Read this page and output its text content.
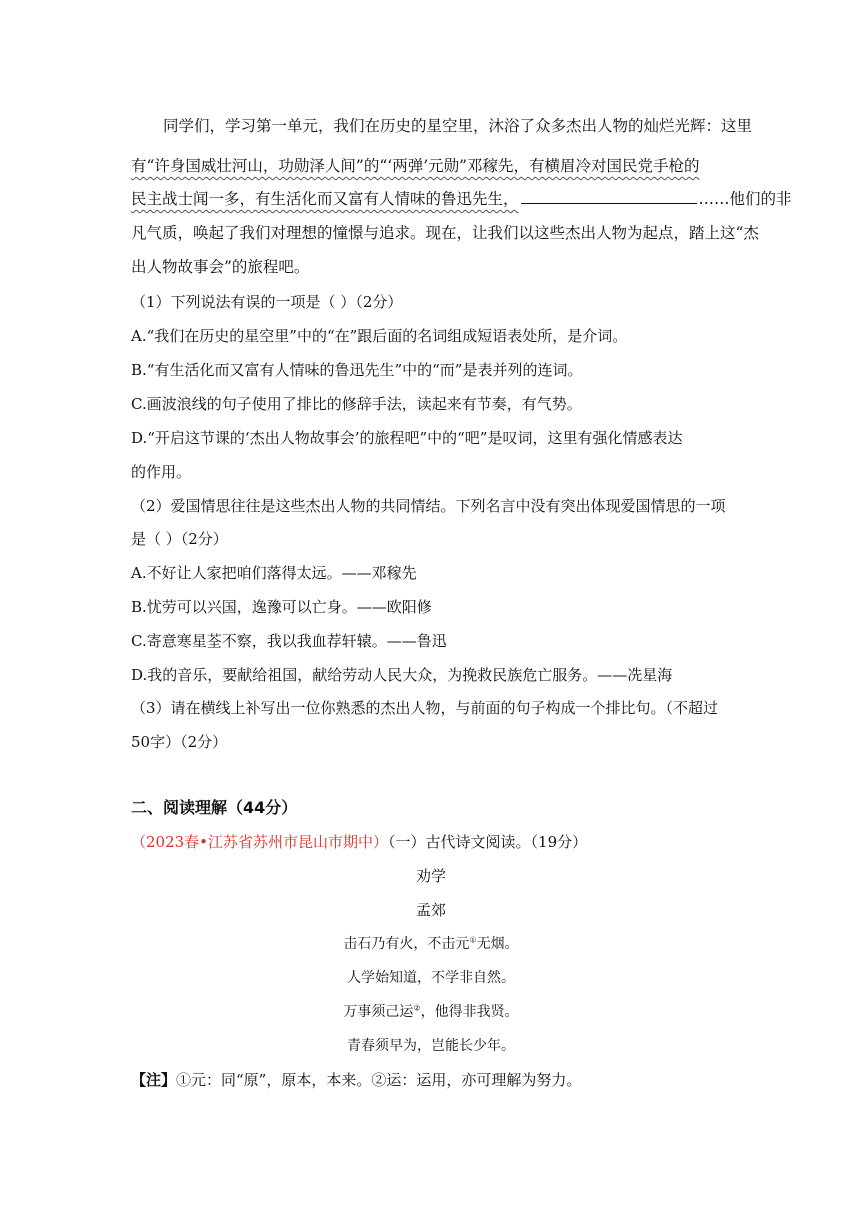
同学们，学习第一单元，我们在历史的星空里，沐浴了众多杰出人物的灿烂光辉：这里
有“许身国威壮河山，功勋泽人间”的“‘两弹’元勋”邓稼先，有横眉冷对国民党手枪的
民主战士闻一多，有生活化而又富有人情味的鲁迅先生，	……他们的非
凡气质，唤起了我们对理想的憧憬与追求。现在，让我们以这些杰出人物为起点，踏上这“杰
出人物故事会”的旅程吧。
（1）下列说法有误的一项是（ ）（2分）
A.“我们在历史的星空里”中的“在”跟后面的名词组成短语表处所，是介词。
B.“有生活化而又富有人情味的鲁迅先生”中的“而”是表并列的连词。
C.画波浪线的句子使用了排比的修辞手法，读起来有节奏，有气势。
D.“开启这节课的‘杰出人物故事会’的旅程吧”中的“吧”是叹词，这里有强化情感表达
的作用。
（2）爱国情思往往是这些杰出人物的共同情结。下列名言中没有突出体现爱国情思的一项
是（ ）（2分）
A.不好让人家把咱们落得太远。——邓稼先
B.忧劳可以兴国，逸豫可以亡身。——欧阳修
C.寄意寒星荃不察，我以我血荐轩辕。——鲁迅
D.我的音乐，要献给祖国，献给劳动人民大众，为挽救民族危亡服务。——冼星海
（3）请在横线上补写出一位你熟悉的杰出人物，与前面的句子构成一个排比句。（不超过
50字）（2分）
二、阅读理解（44分）
（2023春•江苏省苏州市昆山市期中）（一）古代诗文阅读。（19分）
劝学
孟郊
击石乃有火，不击元①无烟。
人学始知道，不学非自然。
万事须己运②，他得非我贤。
青春须早为，岂能长少年。
【注】①元：同“原”，原本，本来。②运：运用，亦可理解为努力。
